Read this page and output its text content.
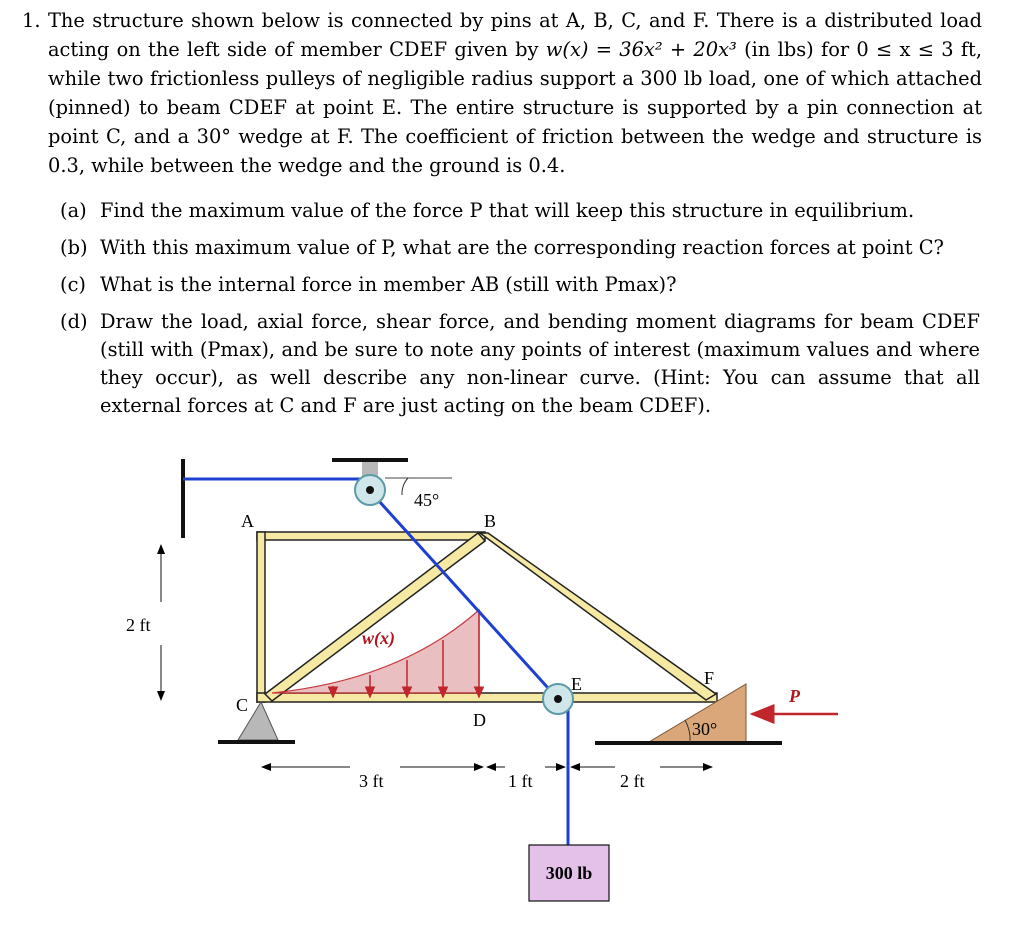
1. The structure shown below is connected by pins at A, B, C, and F. There is a distributed load acting on the left side of member CDEF given by w(x) = 36x² + 20x³ (in lbs) for 0 ≤ x ≤ 3 ft, while two frictionless pulleys of negligible radius support a 300 lb load, one of which attached (pinned) to beam CDEF at point E. The entire structure is supported by a pin connection at point C, and a 30° wedge at F. The coefficient of friction between the wedge and structure is 0.3, while between the wedge and the ground is 0.4.
(a) Find the maximum value of the force P that will keep this structure in equilibrium.
(b) With this maximum value of P, what are the corresponding reaction forces at point C?
(c) What is the internal force in member AB (still with Pmax)?
(d) Draw the load, axial force, shear force, and bending moment diagrams for beam CDEF (still with (Pmax), and be sure to note any points of interest (maximum values and where they occur), as well describe any non-linear curve. (Hint: You can assume that all external forces at C and F are just acting on the beam CDEF).
45°
w(x)
30°
P
300 lb
A	B
C
D
E	F
2 ft
3 ft	1 ft	2 ft
